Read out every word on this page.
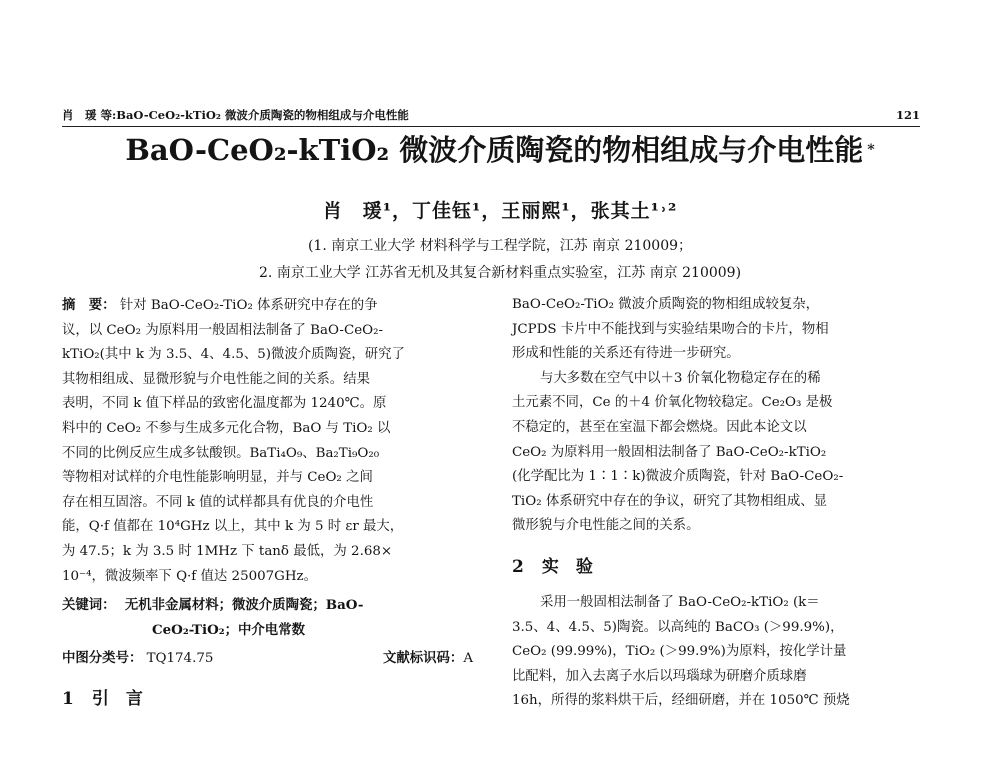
肖　瑗 等:BaO-CeO₂-kTiO₂ 微波介质陶瓷的物相组成与介电性能	121
BaO-CeO₂-kTiO₂ 微波介质陶瓷的物相组成与介电性能 *
肖　瑗¹，丁佳钰¹，王丽熙¹，张其土¹˒²
(1. 南京工业大学 材料科学与工程学院，江苏 南京 210009；
2. 南京工业大学 江苏省无机及其复合新材料重点实验室，江苏 南京 210009)

摘　要： 针对 BaO-CeO₂-TiO₂ 体系研究中存在的争

议，以 CeO₂ 为原料用一般固相法制备了 BaO-CeO₂-

kTiO₂(其中 k 为 3.5、4、4.5、5)微波介质陶瓷，研究了

其物相组成、显微形貌与介电性能之间的关系。结果

表明，不同 k 值下样品的致密化温度都为 1240℃。原

料中的 CeO₂ 不参与生成多元化合物，BaO 与 TiO₂ 以

不同的比例反应生成多钛酸钡。BaTi₄O₉、Ba₂Ti₉O₂₀

等物相对试样的介电性能影响明显，并与 CeO₂ 之间

存在相互固溶。不同 k 值的试样都具有优良的介电性

能，Q·f 值都在 10⁴GHz 以上，其中 k 为 5 时 εr 最大，

为 47.5；k 为 3.5 时 1MHz 下 tanδ 最低，为 2.68×

10⁻⁴，微波频率下 Q·f 值达 25007GHz。

关键词： 无机非金属材料；微波介质陶瓷；BaO-

CeO₂-TiO₂；中介电常数

中图分类号： TQ174.75	文献标识码：A
1 引　言

BaO-CeO₂-TiO₂ 微波介质陶瓷的物相组成较复杂，

JCPDS 卡片中不能找到与实验结果吻合的卡片，物相

形成和性能的关系还有待进一步研究。

与大多数在空气中以＋3 价氧化物稳定存在的稀

土元素不同，Ce 的＋4 价氧化物较稳定。Ce₂O₃ 是极

不稳定的，甚至在室温下都会燃烧。因此本论文以

CeO₂ 为原料用一般固相法制备了 BaO-CeO₂-kTiO₂

(化学配比为 1∶1∶k)微波介质陶瓷，针对 BaO-CeO₂-

TiO₂ 体系研究中存在的争议，研究了其物相组成、显

微形貌与介电性能之间的关系。

2 实　验

采用一般固相法制备了 BaO-CeO₂-kTiO₂ (k＝

3.5、4、4.5、5)陶瓷。以高纯的 BaCO₃ (＞99.9%)，

CeO₂ (99.99%)，TiO₂ (＞99.9%)为原料，按化学计量

比配料，加入去离子水后以玛瑙球为研磨介质球磨

16h，所得的浆料烘干后，经细研磨，并在 1050℃ 预烧
